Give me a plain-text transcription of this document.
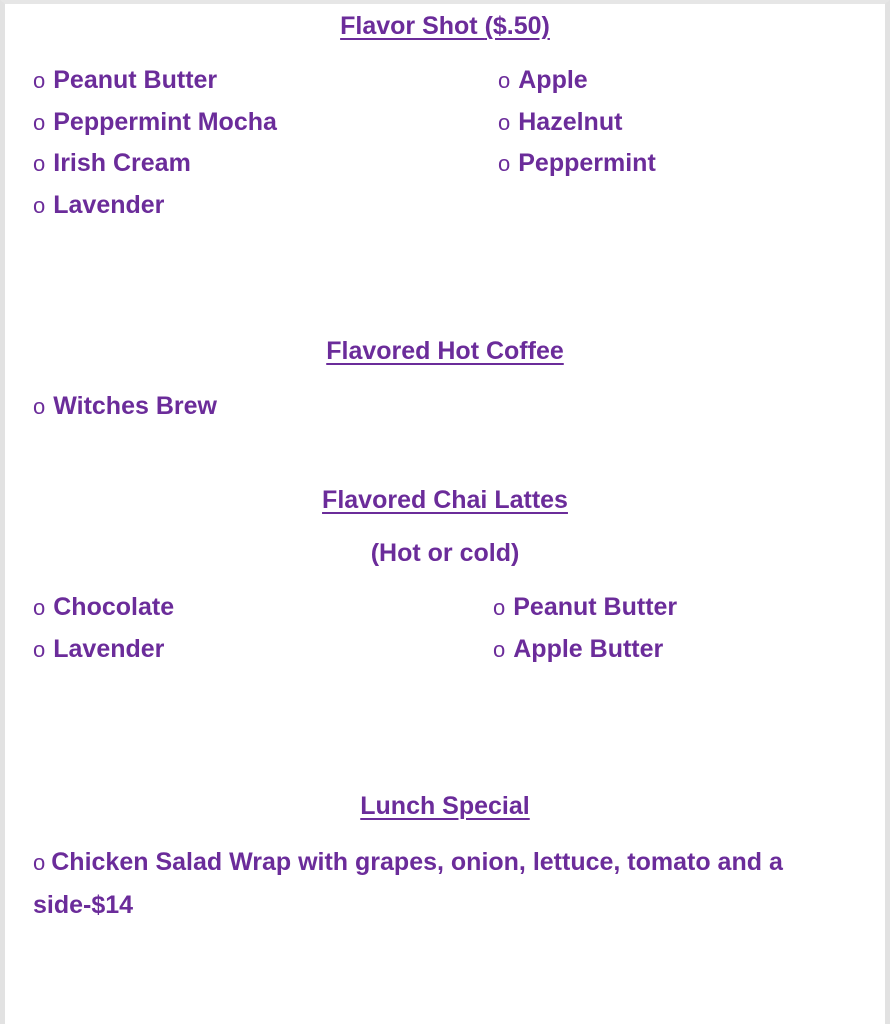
Flavor Shot ($.50)
o Peanut Butter
o Peppermint Mocha
o Irish Cream
o Lavender
o Apple
o Hazelnut
o Peppermint
Flavored Hot Coffee
o Witches Brew
Flavored Chai Lattes
(Hot or cold)
o Chocolate
o Lavender
o Peanut Butter
o Apple Butter
Lunch Special
o Chicken Salad Wrap with grapes, onion, lettuce, tomato and a side-$14
